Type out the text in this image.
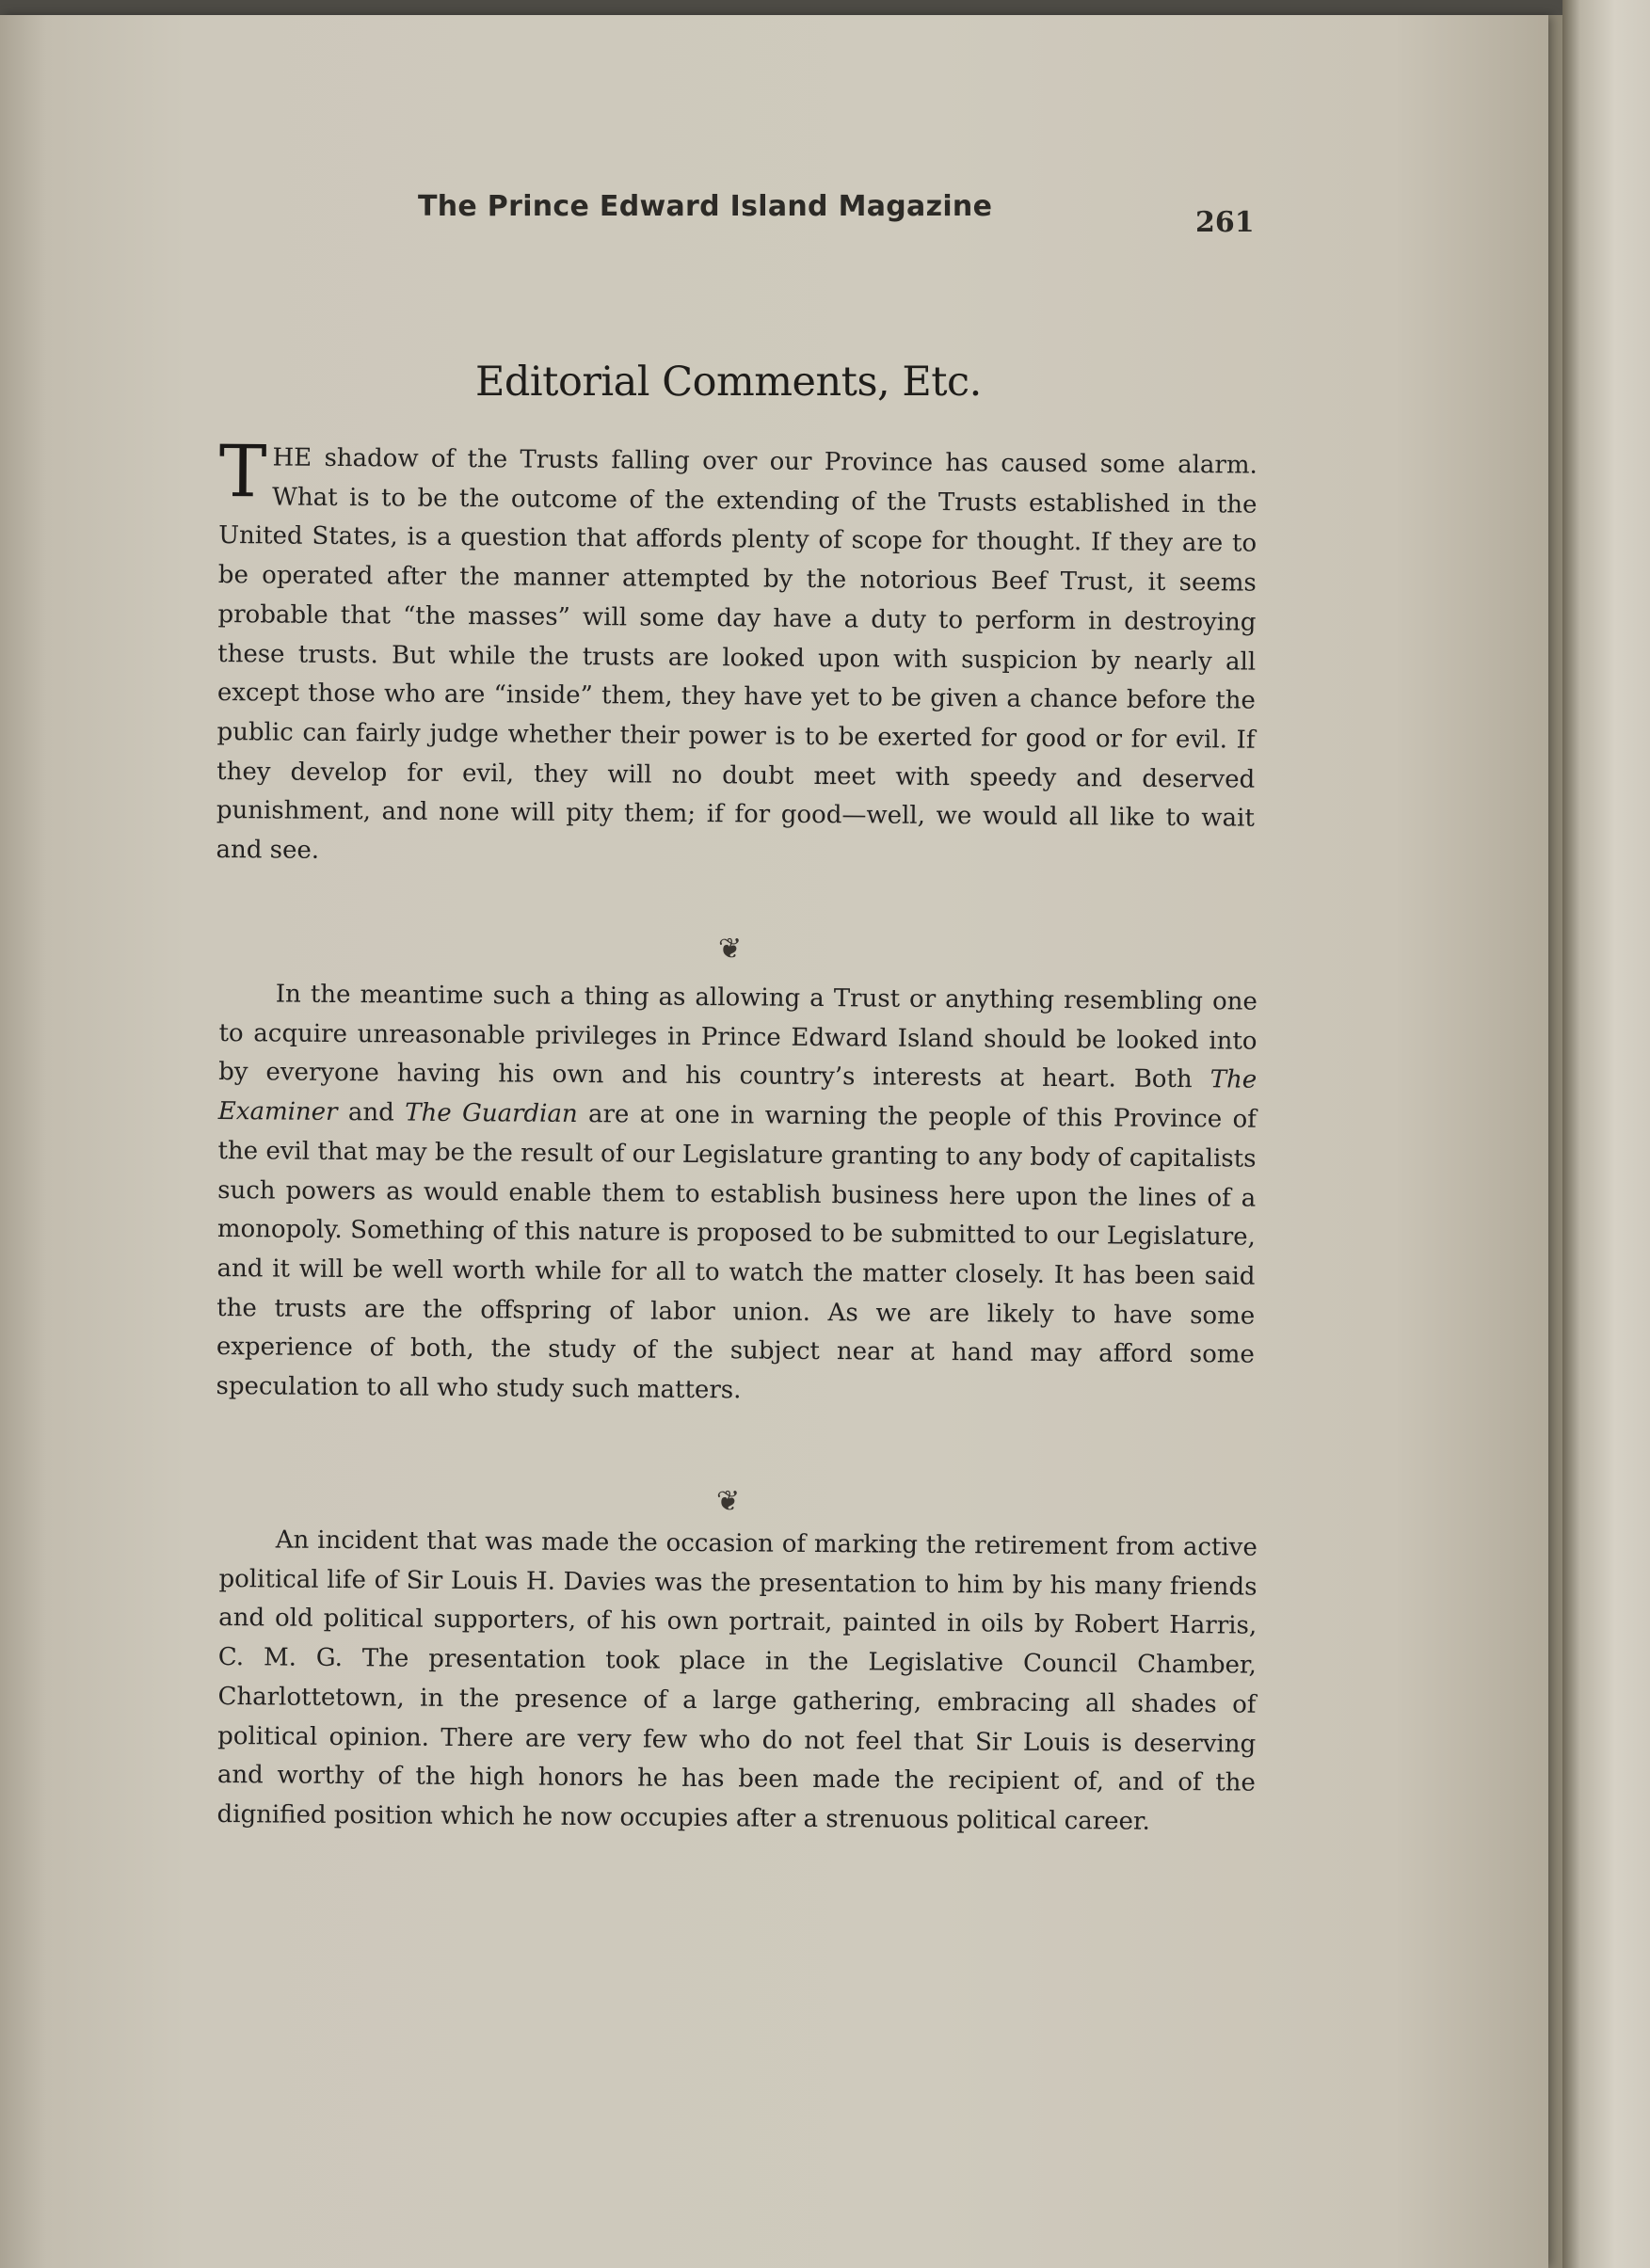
The Prince Edward Island Magazine	261
Editorial Comments, Etc.

THE shadow of the Trusts falling over our Province has caused some alarm. What is to be the outcome of the extending of the Trusts established in the United States, is a question that affords plenty of scope for thought. If they are to be operated after the manner attempted by the notorious Beef Trust, it seems probable that “the masses” will some day have a duty to perform in destroying these trusts. But while the trusts are looked upon with suspicion by nearly all except those who are “inside” them, they have yet to be given a chance before the public can fairly judge whether their power is to be exerted for good or for evil. If they develop for evil, they will no doubt meet with speedy and deserved punishment, and none will pity them; if for good—well, we would all like to wait and see.

❦

In the meantime such a thing as allowing a Trust or anything resembling one to acquire unreasonable privileges in Prince Edward Island should be looked into by everyone having his own and his country’s interests at heart. Both The Examiner and The Guardian are at one in warning the people of this Province of the evil that may be the result of our Legislature granting to any body of capitalists such powers as would enable them to establish business here upon the lines of a monopoly. Something of this nature is proposed to be submitted to our Legislature, and it will be well worth while for all to watch the matter closely. It has been said the trusts are the offspring of labor union. As we are likely to have some experience of both, the study of the subject near at hand may afford some speculation to all who study such matters.

❦

An incident that was made the occasion of marking the retirement from active political life of Sir Louis H. Davies was the presentation to him by his many friends and old political supporters, of his own portrait, painted in oils by Robert Harris, C. M. G. The presentation took place in the Legislative Council Chamber, Charlottetown, in the presence of a large gathering, embracing all shades of political opinion. There are very few who do not feel that Sir Louis is deserving and worthy of the high honors he has been made the recipient of, and of the dignified position which he now occupies after a strenuous political career.
